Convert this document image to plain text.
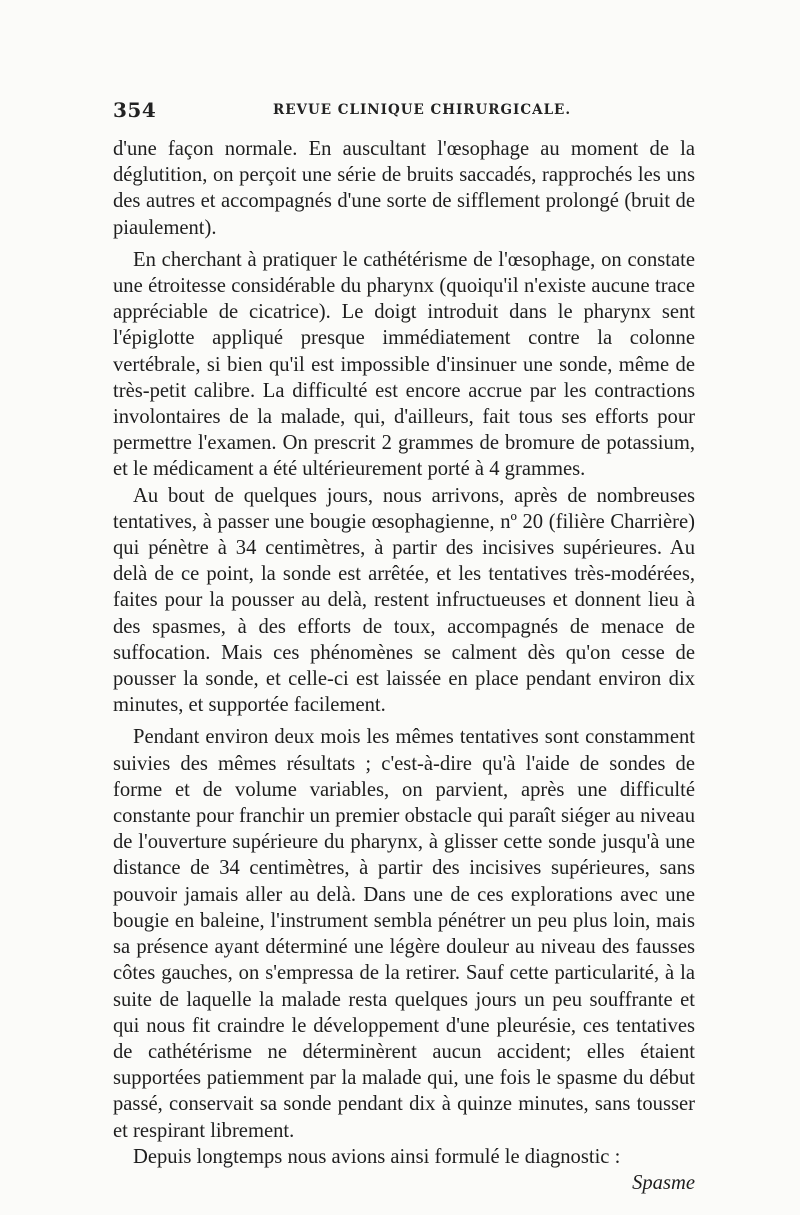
354	REVUE CLINIQUE CHIRURGICALE.

d'une façon normale. En auscultant l'œsophage au moment de la déglutition, on perçoit une série de bruits saccadés, rapprochés les uns des autres et accompagnés d'une sorte de sifflement prolongé (bruit de piaulement).

En cherchant à pratiquer le cathétérisme de l'œsophage, on constate une étroitesse considérable du pharynx (quoiqu'il n'existe aucune trace appréciable de cicatrice). Le doigt introduit dans le pharynx sent l'épiglotte appliqué presque immédiatement contre la colonne vertébrale, si bien qu'il est impossible d'insinuer une sonde, même de très-petit calibre. La difficulté est encore accrue par les contractions involontaires de la malade, qui, d'ailleurs, fait tous ses efforts pour permettre l'examen. On prescrit 2 grammes de bromure de potassium, et le médicament a été ultérieurement porté à 4 grammes.

Au bout de quelques jours, nous arrivons, après de nombreuses tentatives, à passer une bougie œsophagienne, nº 20 (filière Charrière) qui pénètre à 34 centimètres, à partir des incisives supérieures. Au delà de ce point, la sonde est arrêtée, et les tentatives très-modérées, faites pour la pousser au delà, restent infructueuses et donnent lieu à des spasmes, à des efforts de toux, accompagnés de menace de suffocation. Mais ces phénomènes se calment dès qu'on cesse de pousser la sonde, et celle-ci est laissée en place pendant environ dix minutes, et supportée facilement.

Pendant environ deux mois les mêmes tentatives sont constamment suivies des mêmes résultats ; c'est-à-dire qu'à l'aide de sondes de forme et de volume variables, on parvient, après une difficulté constante pour franchir un premier obstacle qui paraît siéger au niveau de l'ouverture supérieure du pharynx, à glisser cette sonde jusqu'à une distance de 34 centimètres, à partir des incisives supérieures, sans pouvoir jamais aller au delà. Dans une de ces explorations avec une bougie en baleine, l'instrument sembla pénétrer un peu plus loin, mais sa présence ayant déterminé une légère douleur au niveau des fausses côtes gauches, on s'empressa de la retirer. Sauf cette particularité, à la suite de laquelle la malade resta quelques jours un peu souffrante et qui nous fit craindre le développement d'une pleurésie, ces tentatives de cathétérisme ne déterminèrent aucun accident; elles étaient supportées patiemment par la malade qui, une fois le spasme du début passé, conservait sa sonde pendant dix à quinze minutes, sans tousser et respirant librement.

Depuis longtemps nous avions ainsi formulé le diagnostic :
Spasme
